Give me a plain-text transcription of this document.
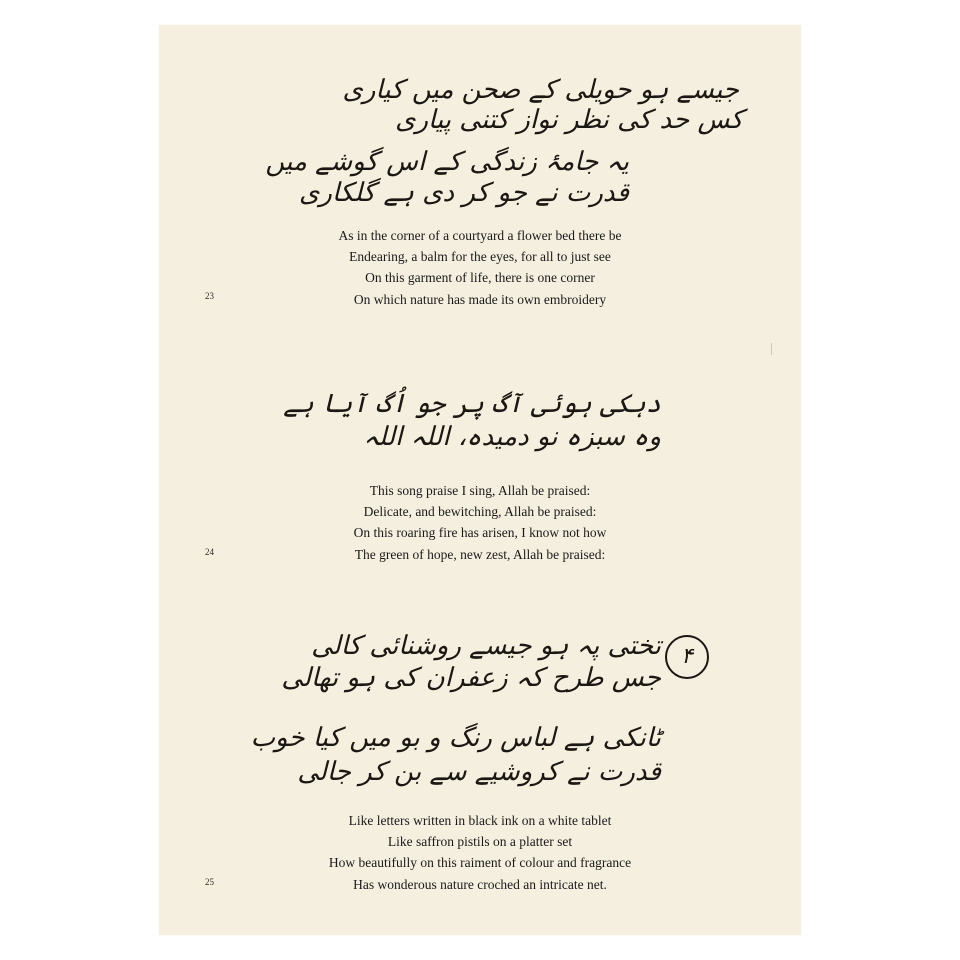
جیسے ہو حویلی کے صحن میں کیاری
کس حد کی نظر نواز کتنی پیاری
یہ جامۂ زندگی کے اس گوشے میں
قدرت نے جو کر دی ہے گلکاری
As in the corner of a courtyard a flower bed there be
Endearing, a balm for the eyes, for all to just see
On this garment of life, there is one corner
On which nature has made its own embroidery
23
دہکی ہوئی آگ پر جو اُگ آیا ہے
وہ سبزہ نو دمیدہ، اللہ اللہ
This song praise I sing, Allah be praised:
Delicate, and bewitching, Allah be praised:
On this roaring fire has arisen, I know not how
The green of hope, new zest, Allah be praised:
24
۴
تختی پہ ہو جیسے روشنائی کالی
جس طرح کہ زعفران کی ہو تھالی
ٹانکی ہے لباس رنگ و بو میں کیا خوب
قدرت نے کروشیے سے بن کر جالی
Like letters written in black ink on a white tablet
Like saffron pistils on a platter set
How beautifully on this raiment of colour and fragrance
Has wonderous nature croched an intricate net.
25
